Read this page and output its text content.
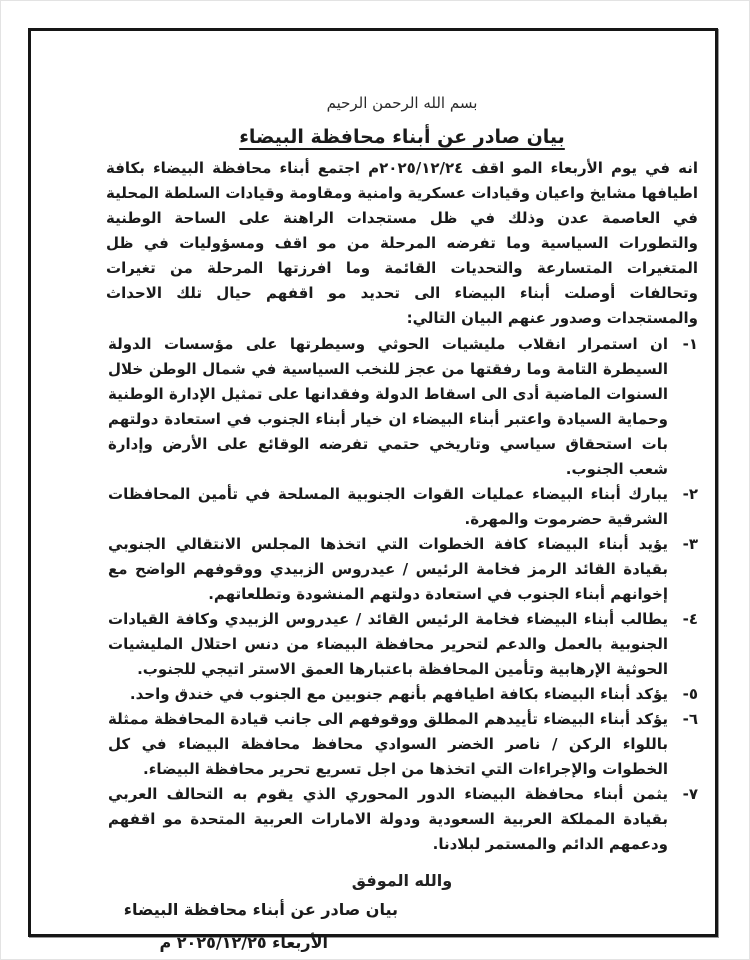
بسم الله الرحمن الرحيم
بيان صادر عن أبناء محافظة البيضاء

انه في يوم الأربعاء المو اقف ٢٠٢٥/١٢/٢٤م اجتمع أبناء محافظة البيضاء بكافة اطيافها مشايخ واعيان وقيادات عسكرية وامنية ومقاومة وقيادات السلطة المحلية في العاصمة عدن وذلك في ظل مستجدات الراهنة على الساحة الوطنية والتطورات السياسية وما تفرضه المرحلة من مو اقف ومسؤوليات في ظل المتغيرات المتسارعة والتحديات القائمة وما افرزتها المرحلة من تغيرات وتحالفات أوصلت أبناء البيضاء الى تحديد مو اقفهم حيال تلك الاحداث والمستجدات وصدور عنهم البيان التالي:

١-
ان استمرار انقلاب مليشيات الحوثي وسيطرتها على مؤسسات الدولة السيطرة التامة وما رفقتها من عجز للنخب السياسية في شمال الوطن خلال السنوات الماضية أدى الى اسقاط الدولة وفقدانها على تمثيل الإدارة الوطنية وحماية السيادة واعتبر أبناء البيضاء ان خيار أبناء الجنوب في استعادة دولتهم بات استحقاق سياسي وتاريخي حتمي تفرضه الوقائع على الأرض وإدارة شعب الجنوب.
٢-
يبارك أبناء البيضاء عمليات القوات الجنوبية المسلحة في تأمين المحافظات الشرقية حضرموت والمهرة.
٣-
يؤيد أبناء البيضاء كافة الخطوات التي اتخذها المجلس الانتقالي الجنوبي بقيادة القائد الرمز فخامة الرئيس / عيدروس الزبيدي ووقوفهم الواضح مع إخوانهم أبناء الجنوب في استعادة دولتهم المنشودة وتطلعاتهم.
٤-
يطالب أبناء البيضاء فخامة الرئيس القائد / عيدروس الزبيدي وكافة القيادات الجنوبية بالعمل والدعم لتحرير محافظة البيضاء من دنس احتلال المليشيات الحوثية الإرهابية وتأمين المحافظة باعتبارها العمق الاستر اتيجي للجنوب.
٥-
يؤكد أبناء البيضاء بكافة اطيافهم بأنهم جنوبين مع الجنوب في خندق واحد.
٦-
يؤكد أبناء البيضاء تأييدهم المطلق ووقوفهم الى جانب قيادة المحافظة ممثلة باللواء الركن / ناصر الخضر السوادي محافظ محافظة البيضاء في كل الخطوات والإجراءات التي اتخذها من اجل تسريع تحرير محافظة البيضاء.
٧-
يثمن أبناء محافظة البيضاء الدور المحوري الذي يقوم به التحالف العربي بقيادة المملكة العربية السعودية ودولة الامارات العربية المتحدة مو اقفهم ودعمهم الدائم والمستمر لبلادنا.
والله الموفق
بيان صادر عن أبناء محافظة البيضاء
الأربعاء ٢٠٢٥/١٢/٢٥ م
